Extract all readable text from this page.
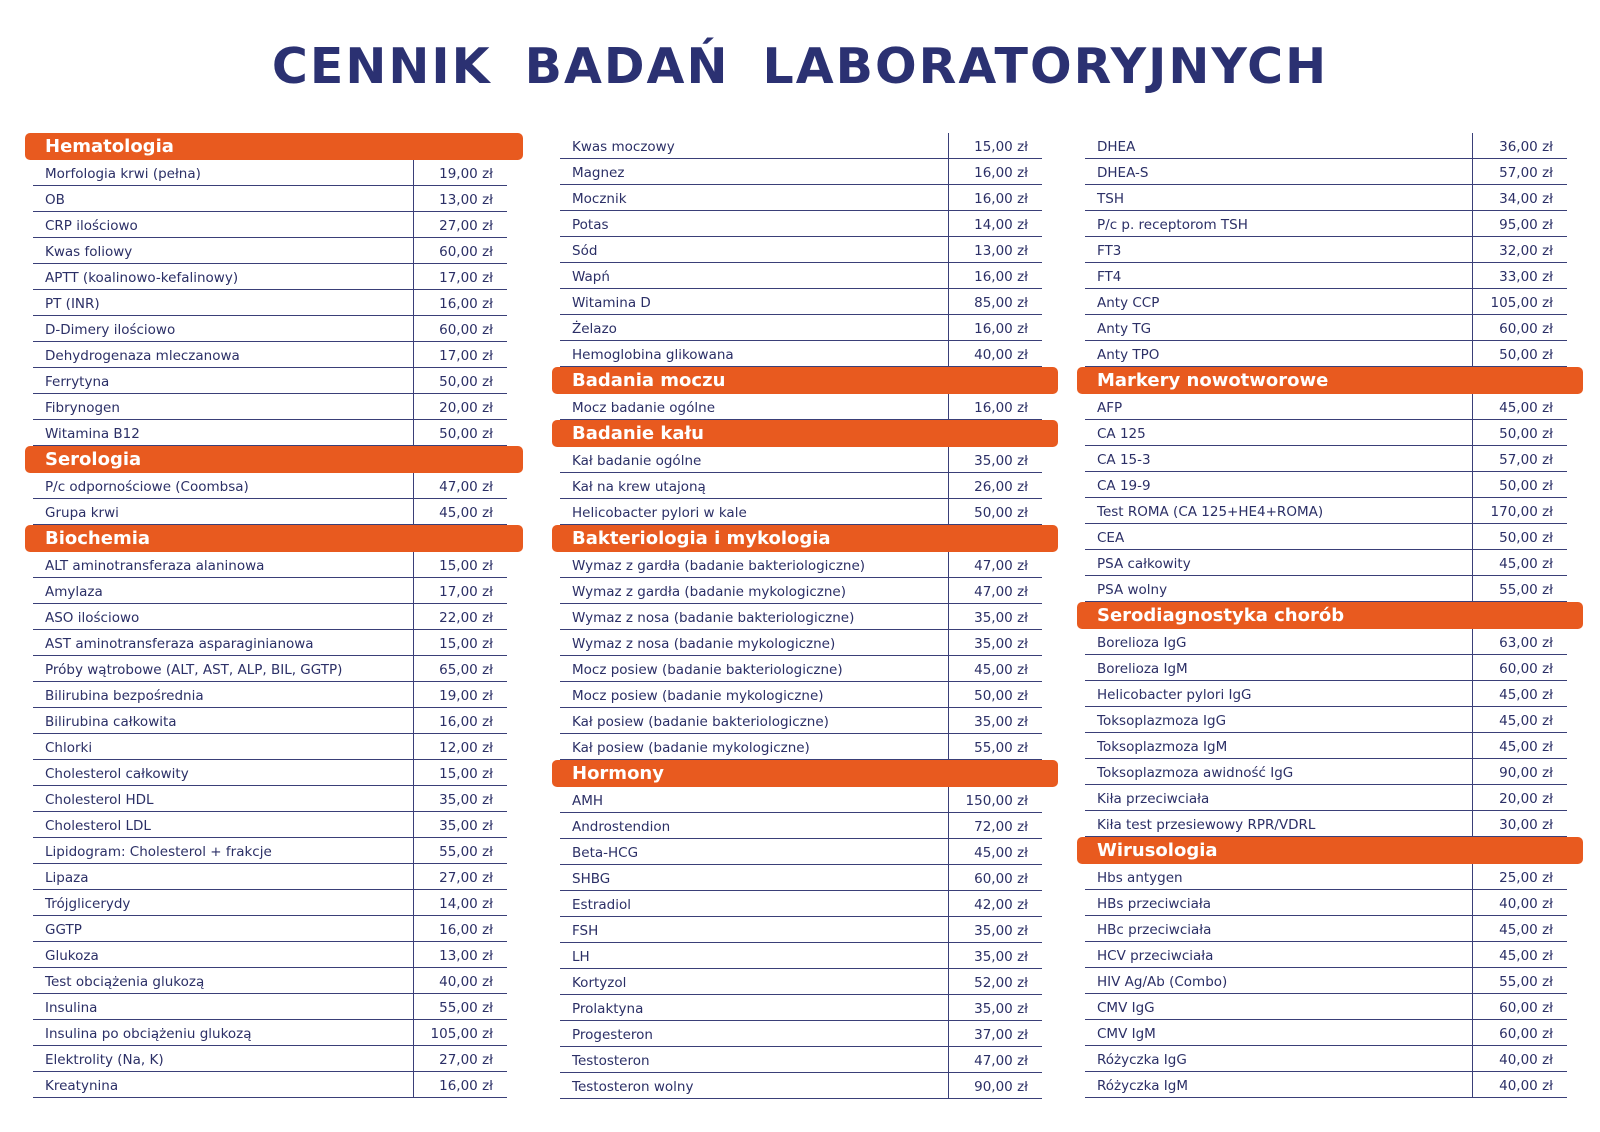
CENNIK BADAŃ LABORATORYJNYCH
Hematologia
Morfologia krwi (pełna)	19,00 zł
OB	13,00 zł
CRP ilościowo	27,00 zł
Kwas foliowy	60,00 zł
APTT (koalinowo-kefalinowy)	17,00 zł
PT (INR)	16,00 zł
D-Dimery ilościowo	60,00 zł
Dehydrogenaza mleczanowa	17,00 zł
Ferrytyna	50,00 zł
Fibrynogen	20,00 zł
Witamina B12	50,00 zł
Serologia
P/c odpornościowe (Coombsa)	47,00 zł
Grupa krwi	45,00 zł
Biochemia
ALT aminotransferaza alaninowa	15,00 zł
Amylaza	17,00 zł
ASO ilościowo	22,00 zł
AST aminotransferaza asparaginianowa	15,00 zł
Próby wątrobowe (ALT, AST, ALP, BIL, GGTP)	65,00 zł
Bilirubina bezpośrednia	19,00 zł
Bilirubina całkowita	16,00 zł
Chlorki	12,00 zł
Cholesterol całkowity	15,00 zł
Cholesterol HDL	35,00 zł
Cholesterol LDL	35,00 zł
Lipidogram: Cholesterol + frakcje	55,00 zł
Lipaza	27,00 zł
Trójglicerydy	14,00 zł
GGTP	16,00 zł
Glukoza	13,00 zł
Test obciążenia glukozą	40,00 zł
Insulina	55,00 zł
Insulina po obciążeniu glukozą	105,00 zł
Elektrolity (Na, K)	27,00 zł
Kreatynina	16,00 zł
Kwas moczowy	15,00 zł
Magnez	16,00 zł
Mocznik	16,00 zł
Potas	14,00 zł
Sód	13,00 zł
Wapń	16,00 zł
Witamina D	85,00 zł
Żelazo	16,00 zł
Hemoglobina glikowana	40,00 zł
Badania moczu
Mocz badanie ogólne	16,00 zł
Badanie kału
Kał badanie ogólne	35,00 zł
Kał na krew utajoną	26,00 zł
Helicobacter pylori w kale	50,00 zł
Bakteriologia i mykologia
Wymaz z gardła (badanie bakteriologiczne)	47,00 zł
Wymaz z gardła (badanie mykologiczne)	47,00 zł
Wymaz z nosa (badanie bakteriologiczne)	35,00 zł
Wymaz z nosa (badanie mykologiczne)	35,00 zł
Mocz posiew (badanie bakteriologiczne)	45,00 zł
Mocz posiew (badanie mykologiczne)	50,00 zł
Kał posiew (badanie bakteriologiczne)	35,00 zł
Kał posiew (badanie mykologiczne)	55,00 zł
Hormony
AMH	150,00 zł
Androstendion	72,00 zł
Beta-HCG	45,00 zł
SHBG	60,00 zł
Estradiol	42,00 zł
FSH	35,00 zł
LH	35,00 zł
Kortyzol	52,00 zł
Prolaktyna	35,00 zł
Progesteron	37,00 zł
Testosteron	47,00 zł
Testosteron wolny	90,00 zł
DHEA	36,00 zł
DHEA-S	57,00 zł
TSH	34,00 zł
P/c p. receptorom TSH	95,00 zł
FT3	32,00 zł
FT4	33,00 zł
Anty CCP	105,00 zł
Anty TG	60,00 zł
Anty TPO	50,00 zł
Markery nowotworowe
AFP	45,00 zł
CA 125	50,00 zł
CA 15-3	57,00 zł
CA 19-9	50,00 zł
Test ROMA (CA 125+HE4+ROMA)	170,00 zł
CEA	50,00 zł
PSA całkowity	45,00 zł
PSA wolny	55,00 zł
Serodiagnostyka chorób
Borelioza IgG	63,00 zł
Borelioza IgM	60,00 zł
Helicobacter pylori IgG	45,00 zł
Toksoplazmoza IgG	45,00 zł
Toksoplazmoza IgM	45,00 zł
Toksoplazmoza awidność IgG	90,00 zł
Kiła przeciwciała	20,00 zł
Kiła test przesiewowy RPR/VDRL	30,00 zł
Wirusologia
Hbs antygen	25,00 zł
HBs przeciwciała	40,00 zł
HBc przeciwciała	45,00 zł
HCV przeciwciała	45,00 zł
HIV Ag/Ab (Combo)	55,00 zł
CMV IgG	60,00 zł
CMV IgM	60,00 zł
Różyczka IgG	40,00 zł
Różyczka IgM	40,00 zł
